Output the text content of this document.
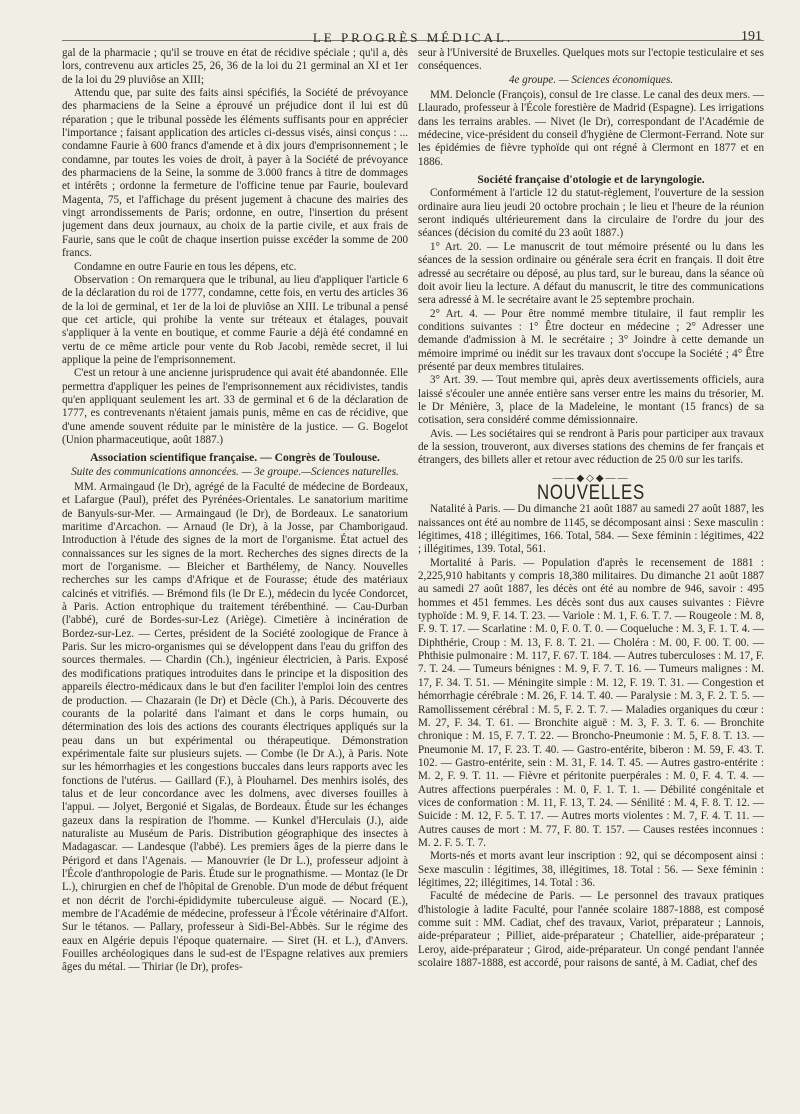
LE PROGRÈS MÉDICAL.	191

gal de la pharmacie ; qu'il se trouve en état de récidive spéciale ; qu'il a, dès lors, contrevenu aux articles 25, 26, 36 de la loi du 21 germinal an XI et 1er de la loi du 29 pluviôse an XIII;

Attendu que, par suite des faits ainsi spécifiés, la Société de prévoyance des pharmaciens de la Seine a éprouvé un préjudice dont il lui est dû réparation ; que le tribunal possède les éléments suffisants pour en apprécier l'importance ; faisant application des articles ci-dessus visés, ainsi conçus : ... condamne Faurie à 600 francs d'amende et à dix jours d'emprisonnement ; le condamne, par toutes les voies de droit, à payer à la Société de prévoyance des pharmaciens de la Seine, la somme de 3.000 francs à titre de dommages et intérêts ; ordonne la fermeture de l'officine tenue par Faurie, boulevard Magenta, 75, et l'affichage du présent jugement à chacune des mairies des vingt arrondissements de Paris; ordonne, en outre, l'insertion du présent jugement dans deux journaux, au choix de la partie civile, et aux frais de Faurie, sans que le coût de chaque insertion puisse excéder la somme de 200 francs.

Condamne en outre Faurie en tous les dépens, etc.

Observation : On remarquera que le tribunal, au lieu d'appliquer l'article 6 de la déclaration du roi de 1777, condamne, cette fois, en vertu des articles 36 de la loi de germinal, et 1er de la loi de pluviôse an XIII. Le tribunal a pensé que cet article, qui prohibe la vente sur tréteaux et étalages, pouvait s'appliquer à la vente en boutique, et comme Faurie a déjà été condamné en vertu de ce même article pour vente du Rob Jacobi, remède secret, il lui applique la peine de l'emprisonnement.

C'est un retour à une ancienne jurisprudence qui avait été abandonnée. Elle permettra d'appliquer les peines de l'emprisonnement aux récidivistes, tandis qu'en appliquant seulement les art. 33 de germinal et 6 de la déclaration de 1777, es contrevenants n'étaient jamais punis, même en cas de récidive, que d'une amende souvent réduite par le ministère de la justice. — G. Bogelot (Union pharmaceutique, août 1887.)

Association scientifique française. — Congrès de Toulouse.
Suite des communications annoncées. — 3e groupe.—Sciences naturelles.

MM. Armaingaud (le Dr), agrégé de la Faculté de médecine de Bordeaux, et Lafargue (Paul), préfet des Pyrénées-Orientales. Le sanatorium maritime de Banyuls-sur-Mer. — Armaingaud (le Dr), de Bordeaux. Le sanatorium maritime d'Arcachon. — Arnaud (le Dr), à la Josse, par Chamborigaud. Introduction à l'étude des signes de la mort de l'organisme. État actuel des connaissances sur les signes de la mort. Recherches des signes directs de la mort de l'organisme. — Bleicher et Barthélemy, de Nancy. Nouvelles recherches sur les camps d'Afrique et de Fourasse; étude des matériaux calcinés et vitrifiés. — Brémond fils (le Dr E.), médecin du lycée Condorcet, à Paris. Action entrophique du traitement térébenthiné. — Cau-Durban (l'abbé), curé de Bordes-sur-Lez (Ariège). Cimetière à incinération de Bordez-sur-Lez. — Certes, président de la Société zoologique de France à Paris. Sur les micro-organismes qui se développent dans l'eau du griffon des sources thermales. — Chardin (Ch.), ingénieur électricien, à Paris. Exposé des modifications pratiques introduites dans le principe et la disposition des appareils électro-médicaux dans le but d'en faciliter l'emploi loin des centres de production. — Chazarain (le Dr) et Dècle (Ch.), à Paris. Découverte des courants de la polarité dans l'aimant et dans le corps humain, ou détermination des lois des actions des courants électriques appliqués sur la peau dans un but expérimental ou thérapeutique. Démonstration expérimentale faite sur plusieurs sujets. — Combe (le Dr A.), à Paris. Note sur les hémorrhagies et les congestions buccales dans leurs rapports avec les fonctions de l'utérus. — Gaillard (F.), à Plouharnel. Des menhirs isolés, des talus et de leur concordance avec les dolmens, avec diverses fouilles à l'appui. — Jolyet, Bergonié et Sigalas, de Bordeaux. Étude sur les échanges gazeux dans la respiration de l'homme. — Kunkel d'Herculais (J.), aide naturaliste au Muséum de Paris. Distribution géographique des insectes à Madagascar. — Landesque (l'abbé). Les premiers âges de la pierre dans le Périgord et dans l'Agenais. — Manouvrier (le Dr L.), professeur adjoint à l'École d'anthropologie de Paris. Étude sur le prognathisme. — Montaz (le Dr L.), chirurgien en chef de l'hôpital de Grenoble. D'un mode de début fréquent et non décrit de l'orchi-épididymite tuberculeuse aiguë. — Nocard (E.), membre de l'Académie de médecine, professeur à l'École vétérinaire d'Alfort. Sur le tétanos. — Pallary, professeur à Sidi-Bel-Abbès. Sur le régime des eaux en Algérie depuis l'époque quaternaire. — Siret (H. et L.), d'Anvers. Fouilles archéologiques dans le sud-est de l'Espagne relatives aux premiers âges du métal. — Thiriar (le Dr), profes-

seur à l'Université de Bruxelles. Quelques mots sur l'ectopie testiculaire et ses conséquences.

4e groupe. — Sciences économiques.

MM. Deloncle (François), consul de 1re classe. Le canal des deux mers. — Llaurado, professeur à l'École forestière de Madrid (Espagne). Les irrigations dans les terrains arables. — Nivet (le Dr), correspondant de l'Académie de médecine, vice-président du conseil d'hygiène de Clermont-Ferrand. Note sur les épidémies de fièvre typhoïde qui ont régné à Clermont en 1877 et en 1886.

Société française d'otologie et de laryngologie.

Conformément à l'article 12 du statut-règlement, l'ouverture de la session ordinaire aura lieu jeudi 20 octobre prochain ; le lieu et l'heure de la réunion seront indiqués ultérieurement dans la circulaire de l'ordre du jour des séances (décision du comité du 23 août 1887.)

1° Art. 20. — Le manuscrit de tout mémoire présenté ou lu dans les séances de la session ordinaire ou générale sera écrit en français. Il doit être adressé au secrétaire ou déposé, au plus tard, sur le bureau, dans la séance où doit avoir lieu la lecture. A défaut du manuscrit, le titre des communications sera adressé à M. le secrétaire avant le 25 septembre prochain.

2° Art. 4. — Pour être nommé membre titulaire, il faut remplir les conditions suivantes : 1° Être docteur en médecine ; 2° Adresser une demande d'admission à M. le secrétaire ; 3° Joindre à cette demande un mémoire imprimé ou inédit sur les travaux dont s'occupe la Société ; 4° Être présenté par deux membres titulaires.

3° Art. 39. — Tout membre qui, après deux avertissements officiels, aura laissé s'écouler une année entière sans verser entre les mains du trésorier, M. le Dr Ménière, 3, place de la Madeleine, le montant (15 francs) de sa cotisation, sera considéré comme démissionnaire.

Avis. — Les sociétaires qui se rendront à Paris pour participer aux travaux de la session, trouveront, aux diverses stations des chemins de fer français et étrangers, des billets aller et retour avec réduction de 25 0/0 sur les tarifs.

——◆◇◆——
NOUVELLES

Natalité à Paris. — Du dimanche 21 août 1887 au samedi 27 août 1887, les naissances ont été au nombre de 1145, se décomposant ainsi : Sexe masculin : légitimes, 418 ; illégitimes, 166. Total, 584. — Sexe féminin : légitimes, 422 ; illégitimes, 139. Total, 561.

Mortalité à Paris. — Population d'après le recensement de 1881 : 2,225,910 habitants y compris 18,380 militaires. Du dimanche 21 août 1887 au samedi 27 août 1887, les décès ont été au nombre de 946, savoir : 495 hommes et 451 femmes. Les décès sont dus aux causes suivantes : Fièvre typhoïde : M. 9, F. 14. T. 23. — Variole : M. 1, F. 6. T. 7. — Rougeole : M. 8, F. 9. T. 17. — Scarlatine : M. 0, F. 0. T. 0. — Coqueluche : M. 3, F. 1. T. 4. — Diphthérie, Croup : M. 13, F. 8. T. 21. — Choléra : M. 00, F. 00. T. 00. — Phthisie pulmonaire : M. 117, F. 67. T. 184. — Autres tuberculoses : M. 17, F. 7. T. 24. — Tumeurs bénignes : M. 9, F. 7. T. 16. — Tumeurs malignes : M. 17, F. 34. T. 51. — Méningite simple : M. 12, F. 19. T. 31. — Congestion et hémorrhagie cérébrale : M. 26, F. 14. T. 40. — Paralysie : M. 3, F. 2. T. 5. — Ramollissement cérébral : M. 5, F. 2. T. 7. — Maladies organiques du cœur : M. 27, F. 34. T. 61. — Bronchite aiguë : M. 3, F. 3. T. 6. — Bronchite chronique : M. 15, F. 7. T. 22. — Broncho-Pneumonie : M. 5, F. 8. T. 13. — Pneumonie M. 17, F. 23. T. 40. — Gastro-entérite, biberon : M. 59, F. 43. T. 102. — Gastro-entérite, sein : M. 31, F. 14. T. 45. — Autres gastro-entérite : M. 2, F. 9. T. 11. — Fièvre et péritonite puerpérales : M. 0, F. 4. T. 4. — Autres affections puerpérales : M. 0, F. 1. T. 1. — Débilité congénitale et vices de conformation : M. 11, F. 13, T. 24. — Sénilité : M. 4, F. 8. T. 12. — Suicide : M. 12, F. 5. T. 17. — Autres morts violentes : M. 7, F. 4. T. 11. — Autres causes de mort : M. 77, F. 80. T. 157. — Causes restées inconnues : M. 2. F. 5. T. 7.

Morts-nés et morts avant leur inscription : 92, qui se décomposent ainsi : Sexe masculin : légitimes, 38, illégitimes, 18. Total : 56. — Sexe féminin : légitimes, 22; illégitimes, 14. Total : 36.

Faculté de médecine de Paris. — Le personnel des travaux pratiques d'histologie à ladite Faculté, pour l'année scolaire 1887-1888, est composé comme suit : MM. Cadiat, chef des travaux, Variot, préparateur ; Lannois, aide-préparateur ; Pilliet, aide-préparateur ; Chatellier, aide-préparateur ; Leroy, aide-préparateur ; Girod, aide-préparateur. Un congé pendant l'année scolaire 1887-1888, est accordé, pour raisons de santé, à M. Cadiat, chef des
